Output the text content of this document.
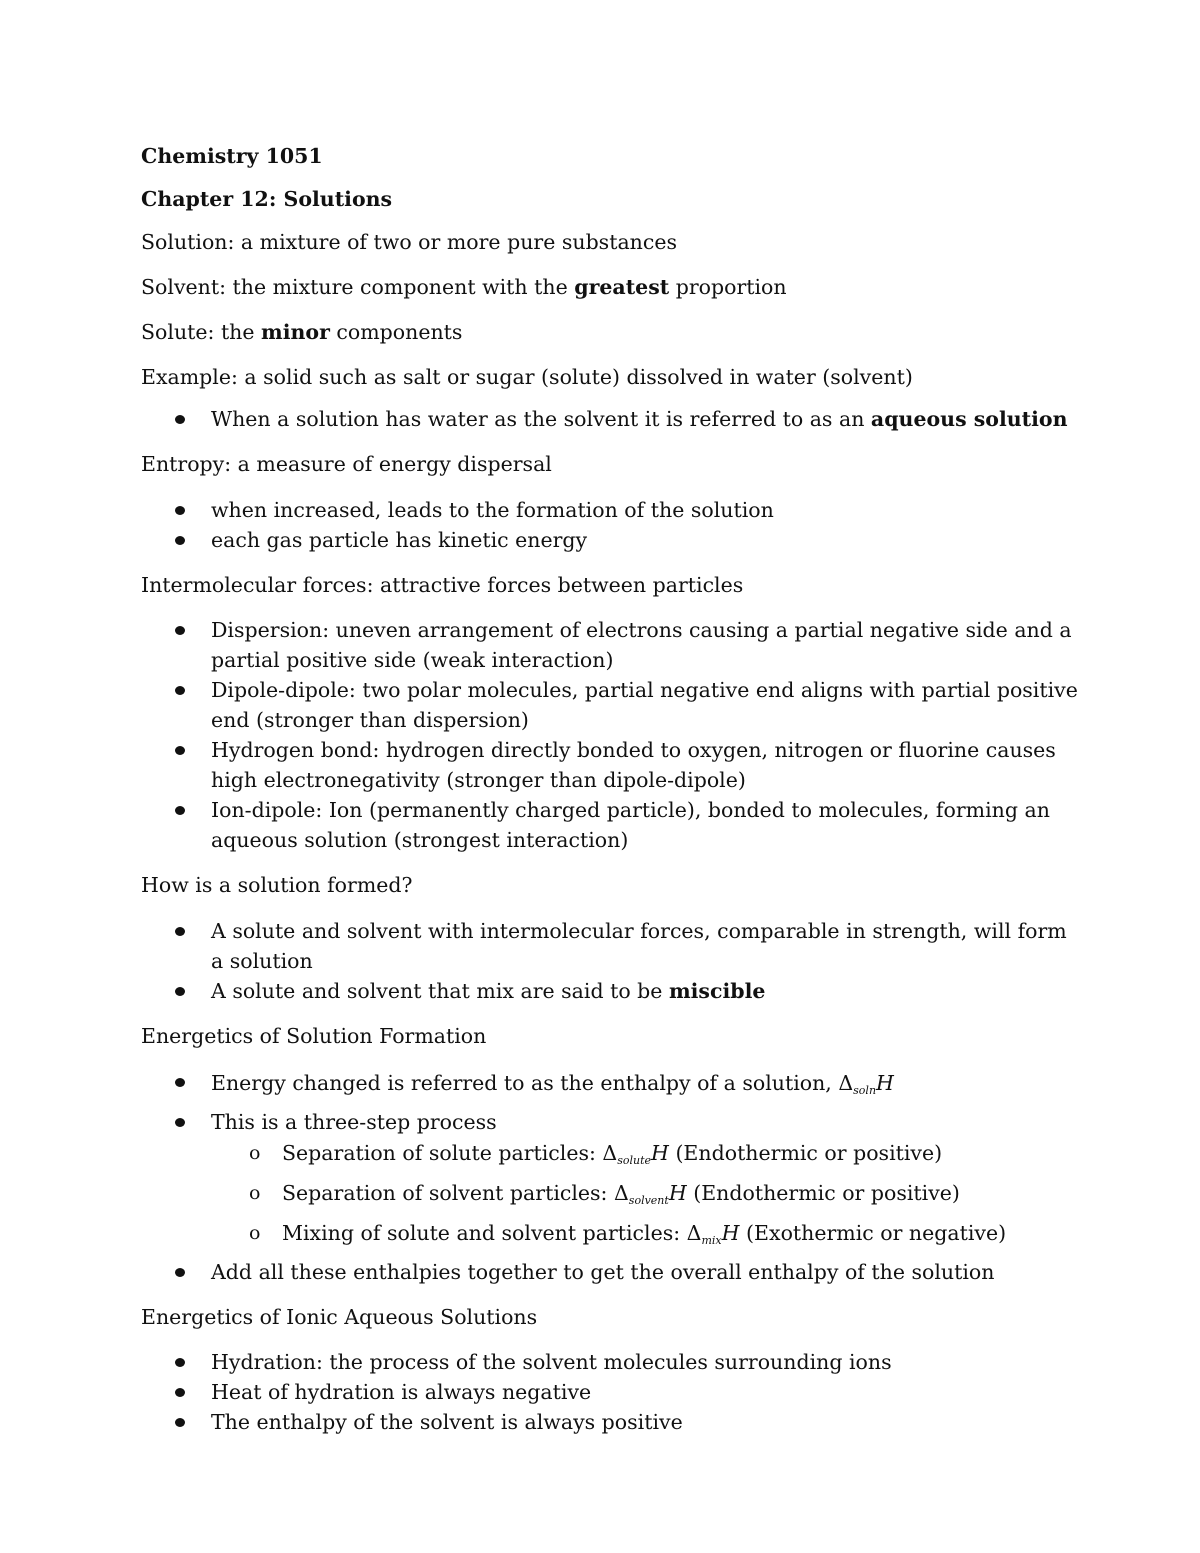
Chemistry 1051

Chapter 12: Solutions

Solution: a mixture of two or more pure substances

Solvent: the mixture component with the greatest proportion

Solute: the minor components

Example: a solid such as salt or sugar (solute) dissolved in water (solvent)

When a solution has water as the solvent it is referred to as an aqueous solution

Entropy: a measure of energy dispersal

when increased, leads to the formation of the solution
each gas particle has kinetic energy

Intermolecular forces: attractive forces between particles

Dispersion: uneven arrangement of electrons causing a partial negative side and a partial positive side (weak interaction)
Dipole-dipole: two polar molecules, partial negative end aligns with partial positive end (stronger than dispersion)
Hydrogen bond: hydrogen directly bonded to oxygen, nitrogen or fluorine causes high electronegativity (stronger than dipole-dipole)
Ion-dipole: Ion (permanently charged particle), bonded to molecules, forming an aqueous solution (strongest interaction)

How is a solution formed?

A solute and solvent with intermolecular forces, comparable in strength, will form a solution
A solute and solvent that mix are said to be miscible

Energetics of Solution Formation

Energy changed is referred to as the enthalpy of a solution, $\Delta_{soln}H$
This is a three-step process
o Separation of solute particles: $\Delta_{solute}H$ (Endothermic or positive)
o Separation of solvent particles: $\Delta_{solvent}H$ (Endothermic or positive)
o Mixing of solute and solvent particles: $\Delta_{mix}H$ (Exothermic or negative)
Add all these enthalpies together to get the overall enthalpy of the solution

Energetics of Ionic Aqueous Solutions

Hydration: the process of the solvent molecules surrounding ions
Heat of hydration is always negative
The enthalpy of the solvent is always positive
